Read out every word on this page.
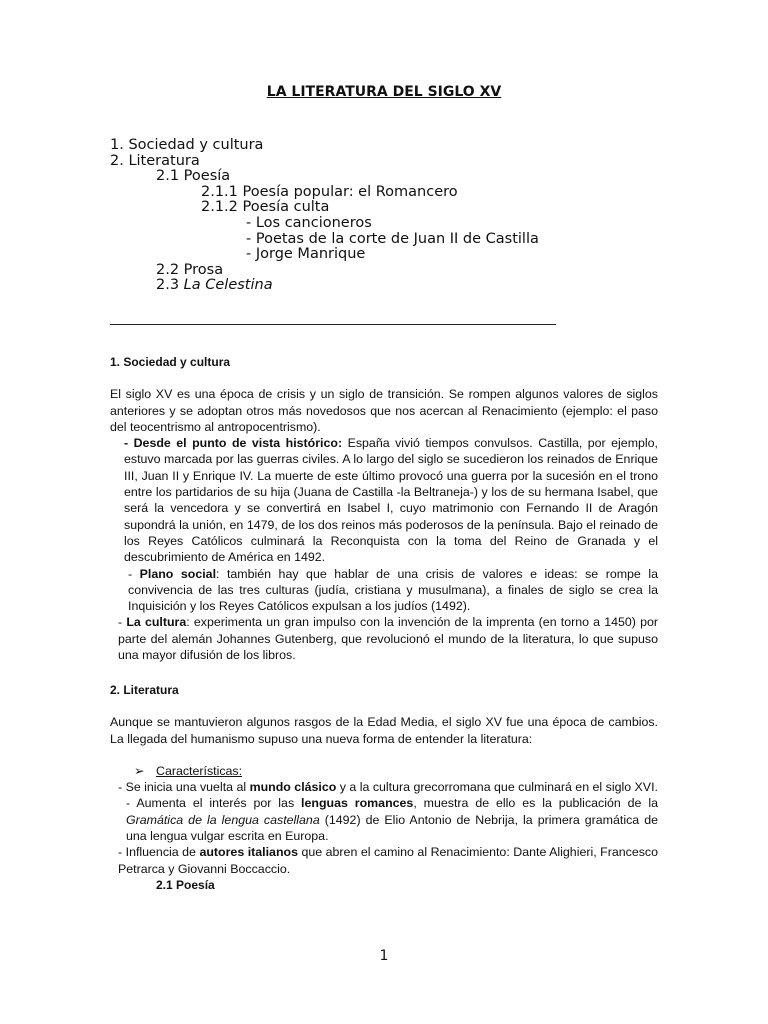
LA LITERATURA DEL SIGLO XV
1. Sociedad y cultura
2. Literatura
2.1 Poesía
2.1.1 Poesía popular: el Romancero
2.1.2 Poesía culta
- Los cancioneros
- Poetas de la corte de Juan II de Castilla
- Jorge Manrique
2.2 Prosa
2.3 La Celestina
1. Sociedad y cultura
El siglo XV es una época de crisis y un siglo de transición. Se rompen algunos valores de siglos anteriores y se adoptan otros más novedosos que nos acercan al Renacimiento (ejemplo: el paso del teocentrismo al antropocentrismo).
- Desde el punto de vista histórico: España vivió tiempos convulsos. Castilla, por ejemplo, estuvo marcada por las guerras civiles. A lo largo del siglo se sucedieron los reinados de Enrique III, Juan II y Enrique IV. La muerte de este último provocó una guerra por la sucesión en el trono entre los partidarios de su hija (Juana de Castilla -la Beltraneja-) y los de su hermana Isabel, que será la vencedora y se convertirá en Isabel I, cuyo matrimonio con Fernando II de Aragón supondrá la unión, en 1479, de los dos reinos más poderosos de la península. Bajo el reinado de los Reyes Católicos culminará la Reconquista con la toma del Reino de Granada y el descubrimiento de América en 1492.
- Plano social: también hay que hablar de una crisis de valores e ideas: se rompe la convivencia de las tres culturas (judía, cristiana y musulmana), a finales de siglo se crea la Inquisición y los Reyes Católicos expulsan a los judíos (1492).
- La cultura: experimenta un gran impulso con la invención de la imprenta (en torno a 1450) por parte del alemán Johannes Gutenberg, que revolucionó el mundo de la literatura, lo que supuso una mayor difusión de los libros.
2. Literatura
Aunque se mantuvieron algunos rasgos de la Edad Media, el siglo XV fue una época de cambios. La llegada del humanismo supuso una nueva forma de entender la literatura:
➢ Características:
- Se inicia una vuelta al mundo clásico y a la cultura grecorromana que culminará en el siglo XVI.
- Aumenta el interés por las lenguas romances, muestra de ello es la publicación de la Gramática de la lengua castellana (1492) de Elio Antonio de Nebrija, la primera gramática de una lengua vulgar escrita en Europa.
- Influencia de autores italianos que abren el camino al Renacimiento: Dante Alighieri, Francesco Petrarca y Giovanni Boccaccio.
2.1 Poesía
1
